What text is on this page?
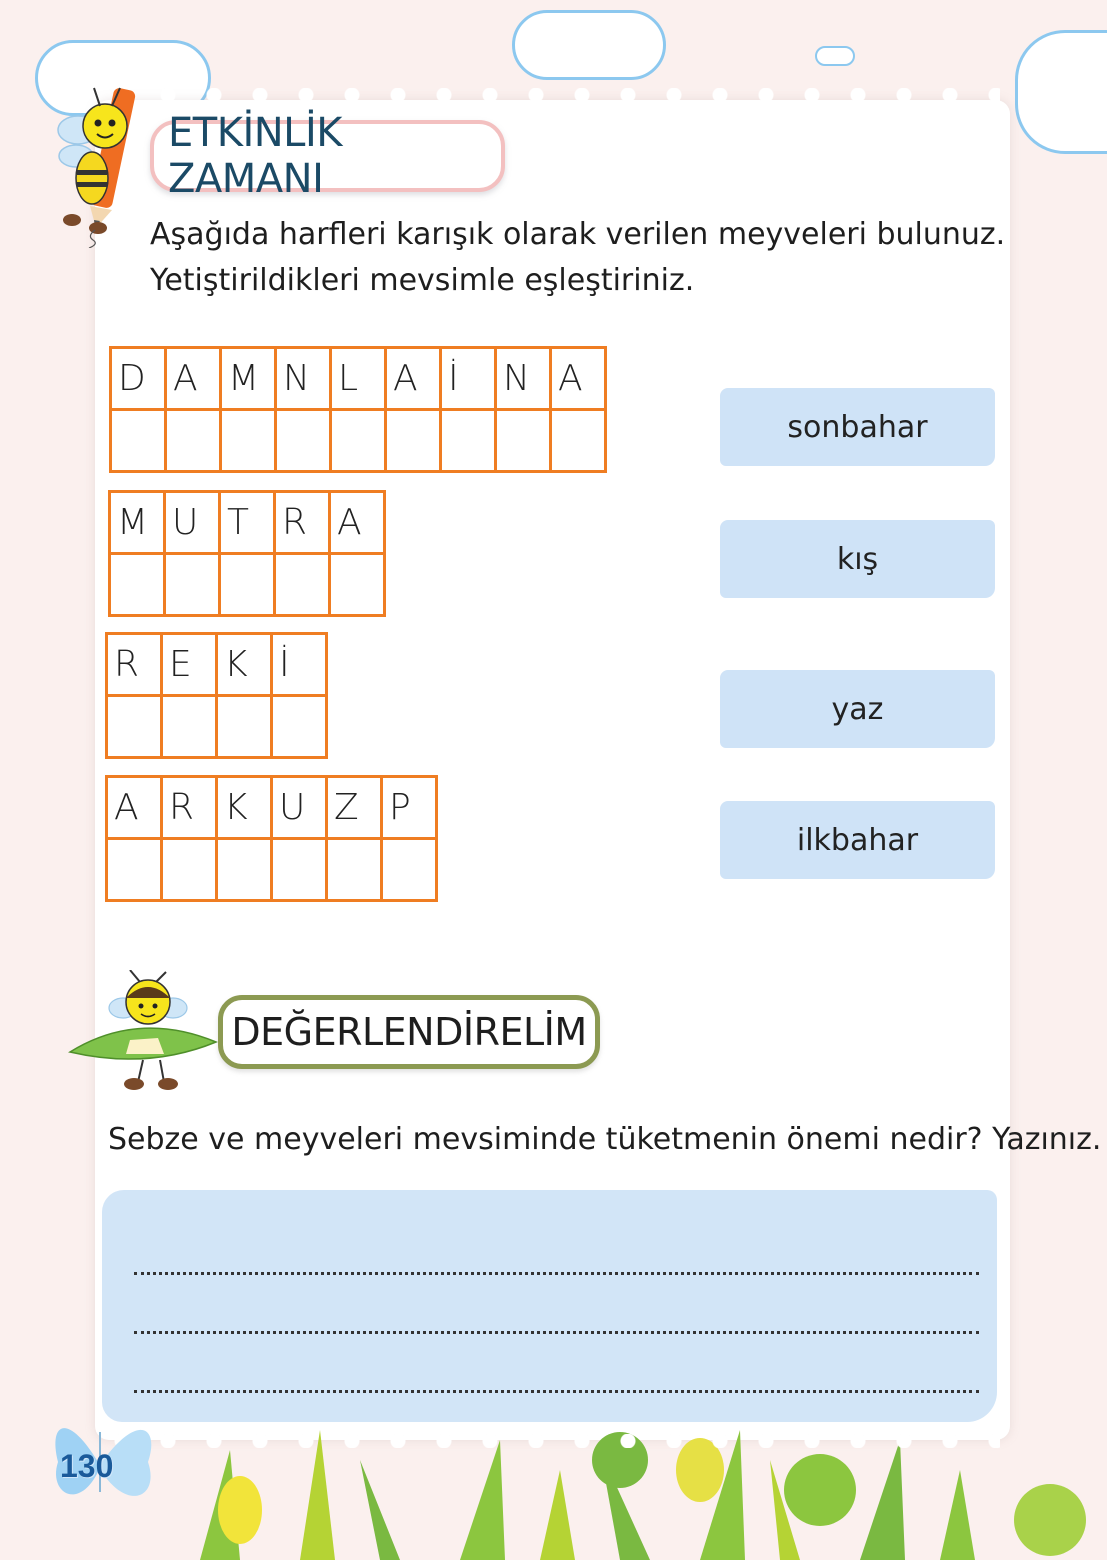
ETKİNLİK ZAMANI
Aşağıda harfleri karışık olarak verilen meyveleri bulunuz.
Yetiştirildikleri mevsimle eşleştiriniz.
D	A	M	N	L	A	İ	N	A

M	U	T	R	A

R	E	K	İ

A	R	K	U	Z	P

sonbahar
kış
yaz
ilkbahar
DEĞERLENDİRELİM
Sebze ve meyveleri mevsiminde tüketmenin önemi nedir? Yazınız.
130
